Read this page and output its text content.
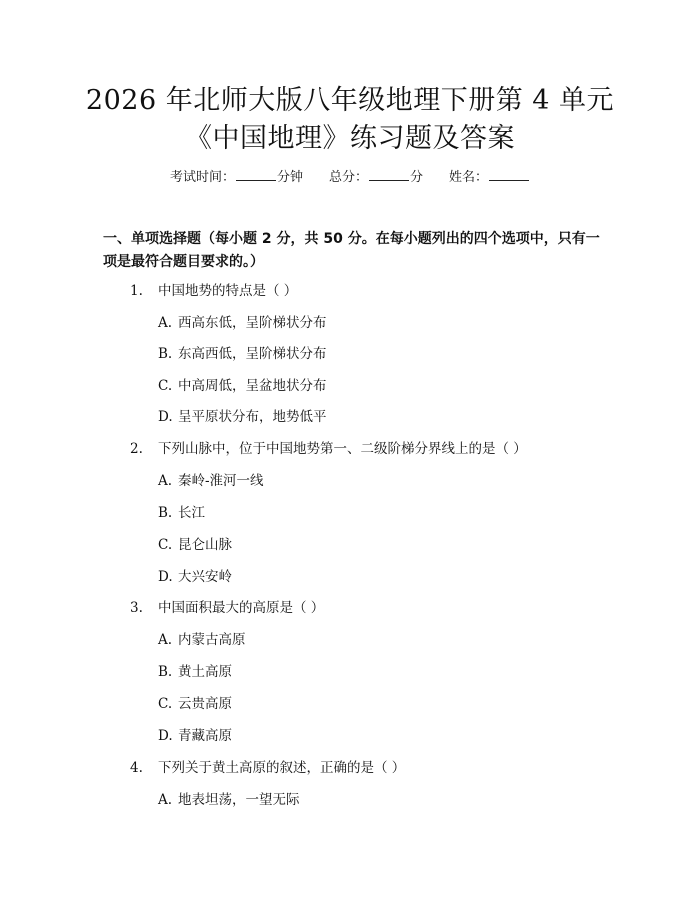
2026 年北师大版八年级地理下册第 4 单元
《中国地理》练习题及答案
考试时间：	分钟 总分：	分 姓名：
一、单项选择题（每小题 2 分，共 50 分。在每小题列出的四个选项中，只有一项是最符合题目要求的。）
1. 中国地势的特点是（ ）
A. 西高东低，呈阶梯状分布
B. 东高西低，呈阶梯状分布
C. 中高周低，呈盆地状分布
D. 呈平原状分布，地势低平
2. 下列山脉中，位于中国地势第一、二级阶梯分界线上的是（ ）
A. 秦岭-淮河一线
B. 长江
C. 昆仑山脉
D. 大兴安岭
3. 中国面积最大的高原是（ ）
A. 内蒙古高原
B. 黄土高原
C. 云贵高原
D. 青藏高原
4. 下列关于黄土高原的叙述，正确的是（ ）
A. 地表坦荡，一望无际
